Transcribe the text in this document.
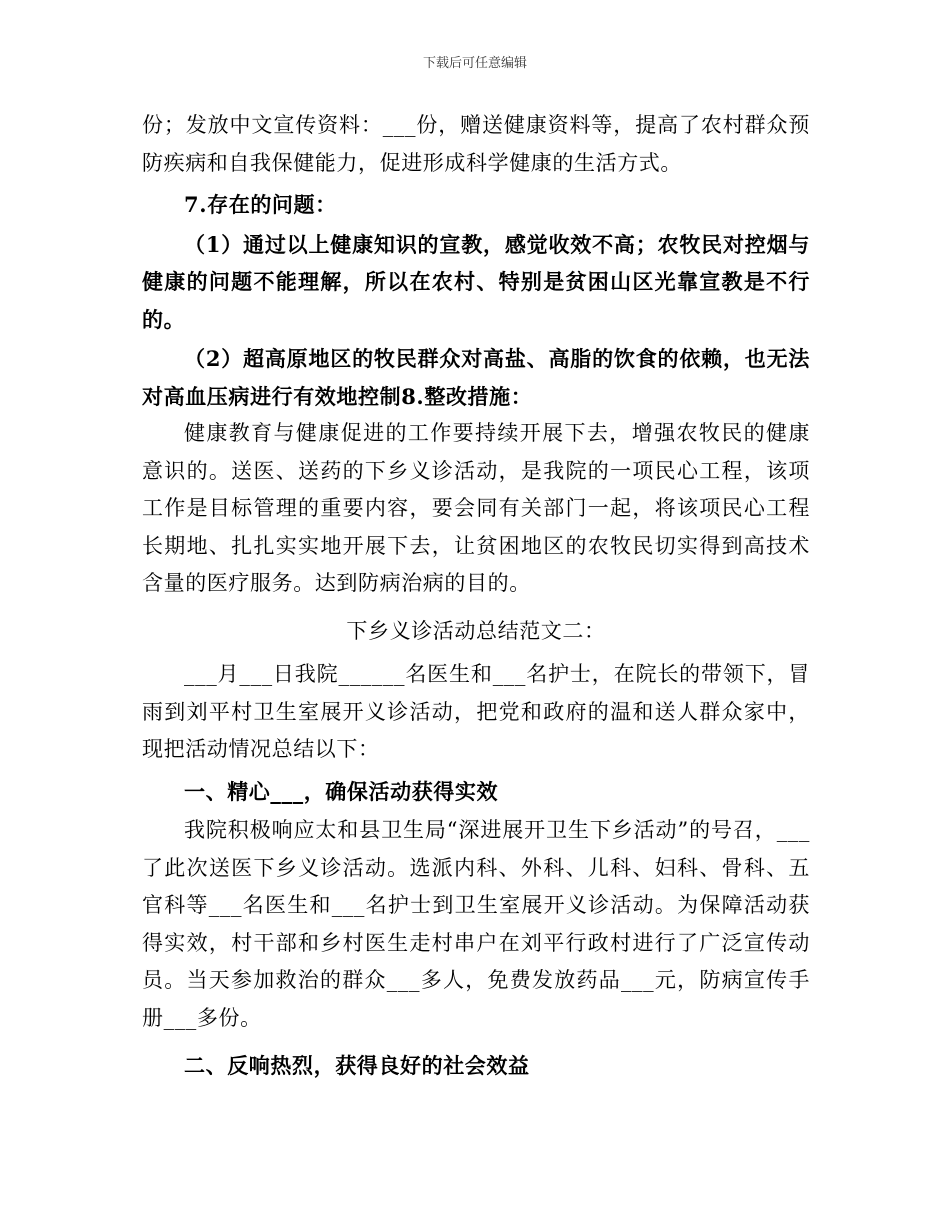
下载后可任意编辑

份；发放中文宣传资料：___份，赠送健康资料等，提高了农村群众预防疾病和自我保健能力，促进形成科学健康的生活方式。

7.存在的问题：

（1）通过以上健康知识的宣教，感觉收效不高；农牧民对控烟与健康的问题不能理解，所以在农村、特别是贫困山区光靠宣教是不行的。

（2）超高原地区的牧民群众对高盐、高脂的饮食的依赖，也无法对高血压病进行有效地控制8.整改措施：

健康教育与健康促进的工作要持续开展下去，增强农牧民的健康意识的。送医、送药的下乡义诊活动，是我院的一项民心工程，该项工作是目标管理的重要内容，要会同有关部门一起，将该项民心工程长期地、扎扎实实地开展下去，让贫困地区的农牧民切实得到高技术含量的医疗服务。达到防病治病的目的。

下乡义诊活动总结范文二：

___月___日我院______名医生和___名护士，在院长的带领下，冒雨到刘平村卫生室展开义诊活动，把党和政府的温和送人群众家中，现把活动情况总结以下：

一、精心___，确保活动获得实效

我院积极响应太和县卫生局“深进展开卫生下乡活动”的号召，___了此次送医下乡义诊活动。选派内科、外科、儿科、妇科、骨科、五官科等___名医生和___名护士到卫生室展开义诊活动。为保障活动获得实效，村干部和乡村医生走村串户在刘平行政村进行了广泛宣传动员。当天参加救治的群众___多人，免费发放药品___元，防病宣传手册___多份。

二、反响热烈，获得良好的社会效益
